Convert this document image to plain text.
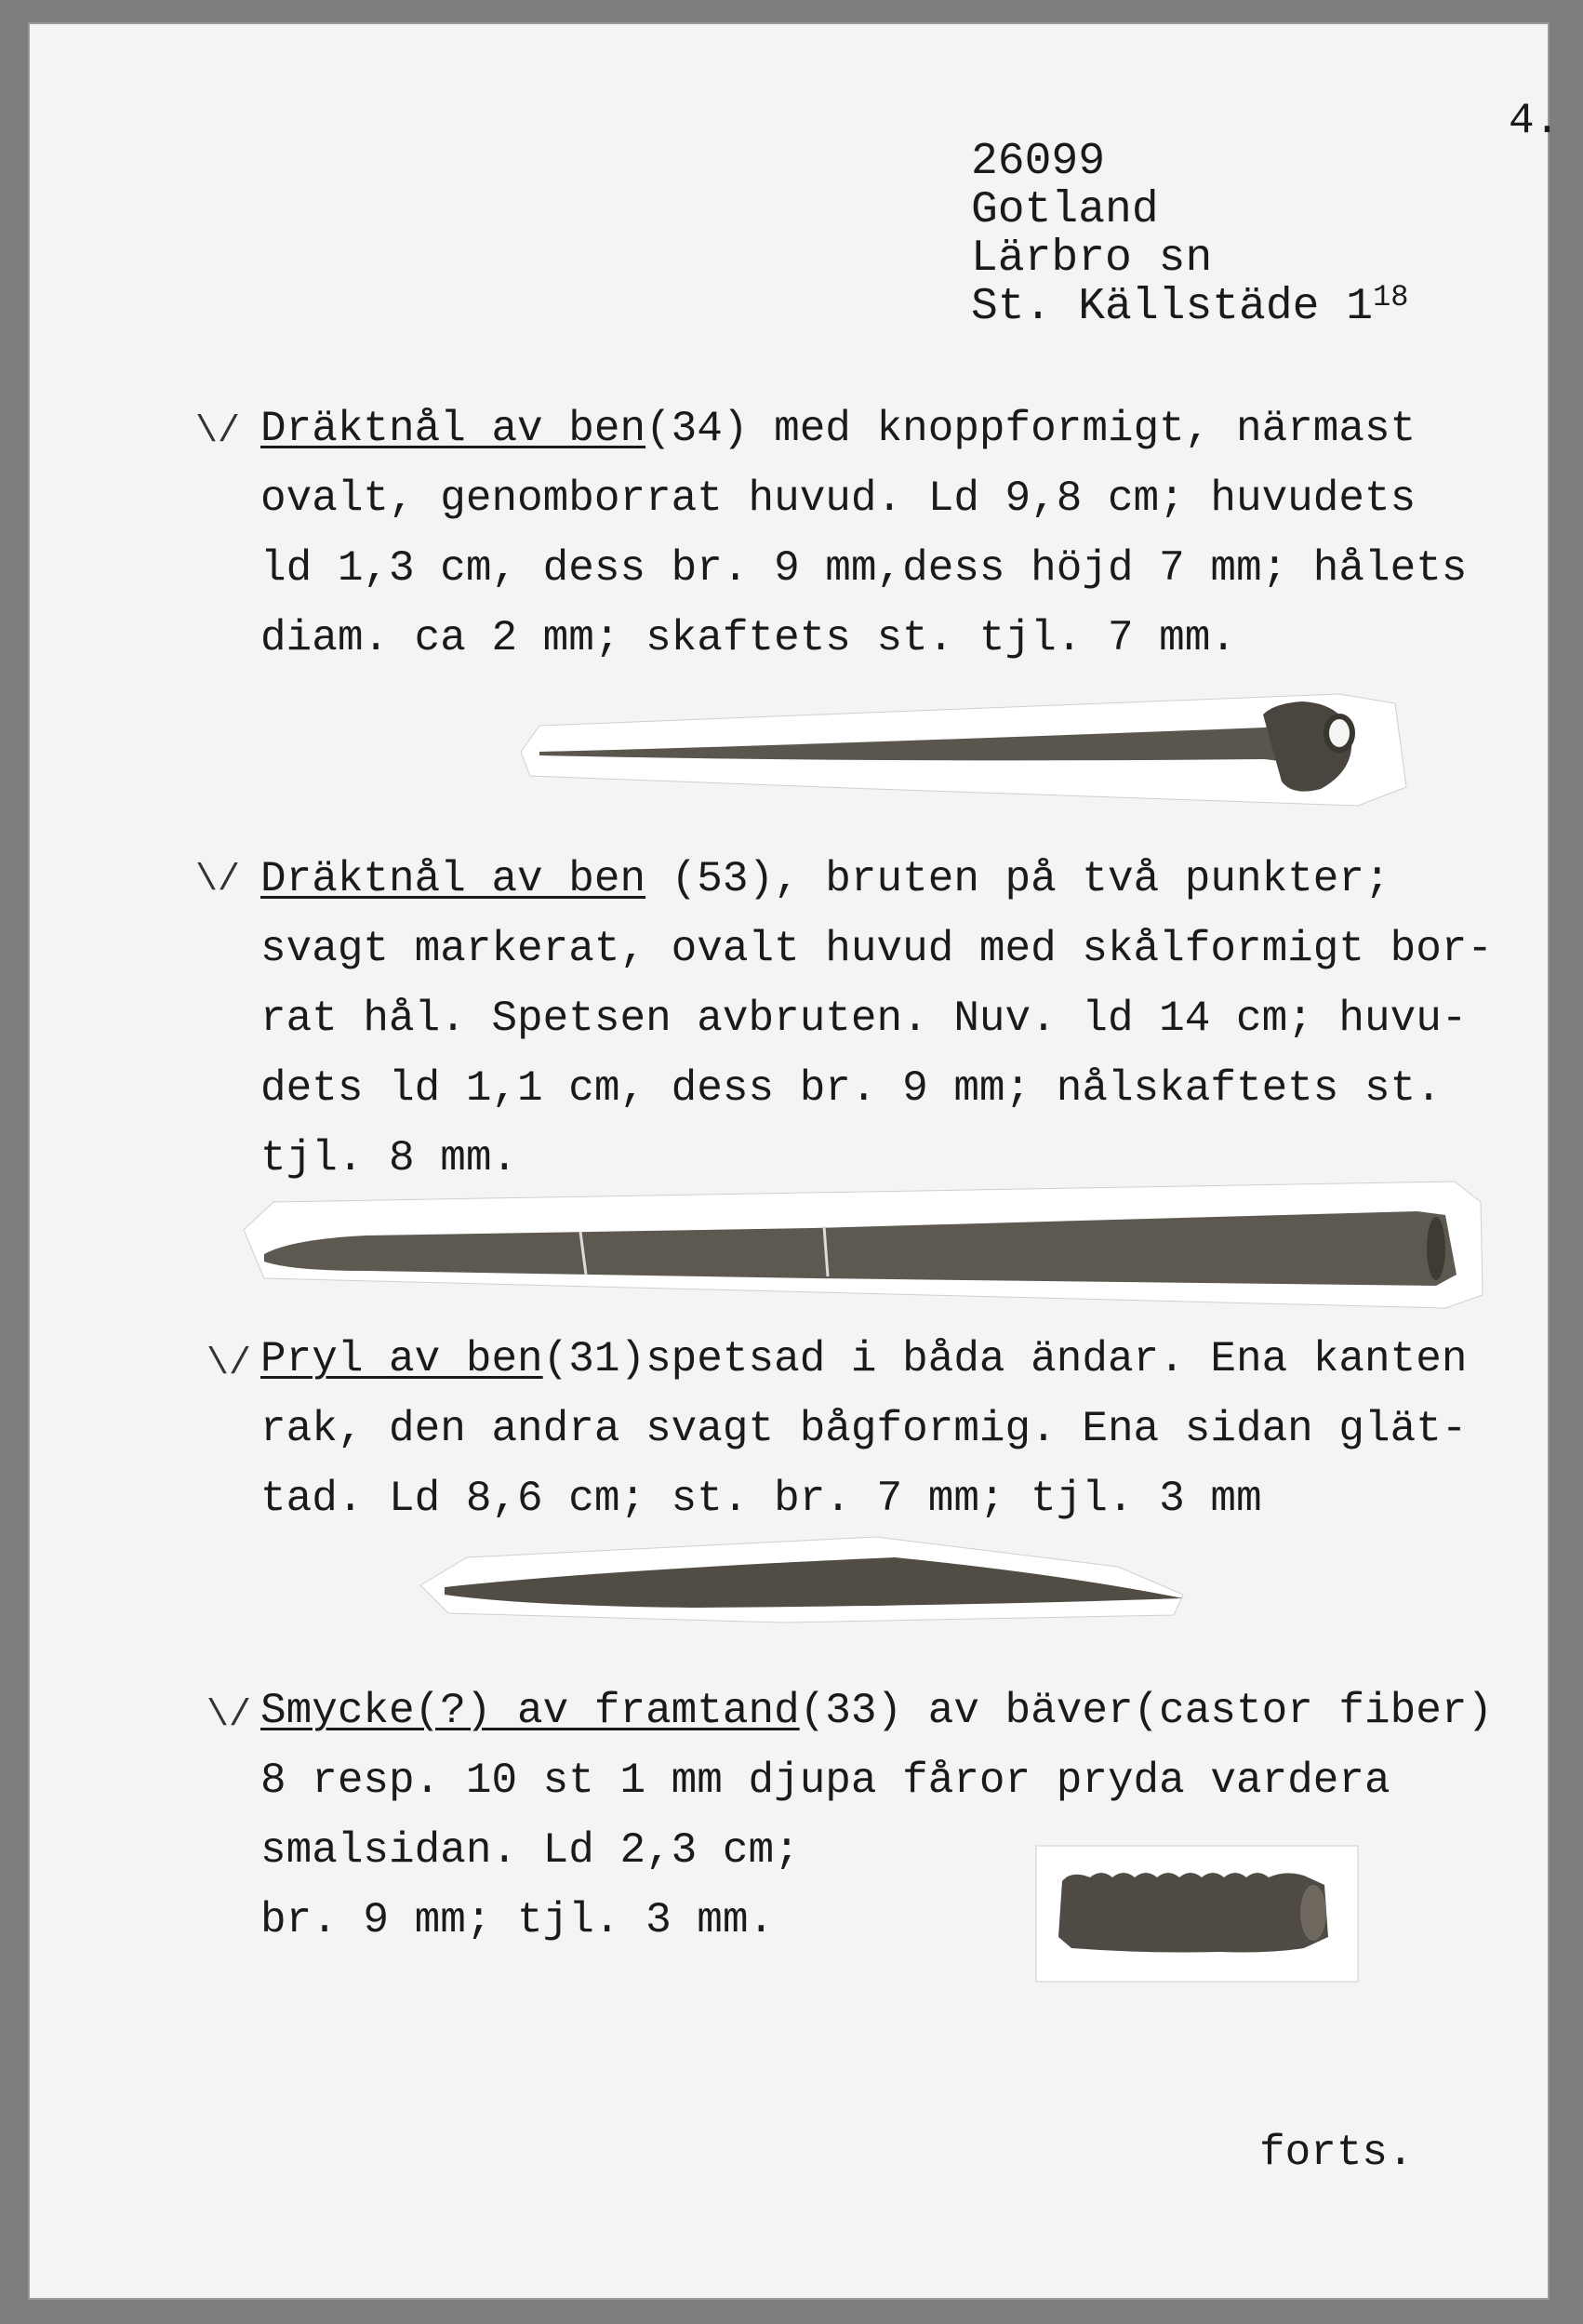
4.
26099
Gotland
Lärbro sn
St. Källstäde $1^{18}$
\/ Dräktnål av ben(34) med knoppformigt, närmast
ovalt, genomborrat huvud. Ld 9,8 cm; huvudets
ld 1,3 cm, dess br. 9 mm,dess höjd 7 mm; hålets
diam. ca 2 mm; skaftets st. tjl. 7 mm.
\/ Dräktnål av ben (53), bruten på två punkter;
svagt markerat, ovalt huvud med skålformigt bor-
rat hål. Spetsen avbruten. Nuv. ld 14 cm; huvu-
dets ld 1,1 cm, dess br. 9 mm; nålskaftets st.
tjl. 8 mm.
\/ Pryl av ben(31)spetsad i båda ändar. Ena kanten
rak, den andra svagt bågformig. Ena sidan glät-
tad. Ld 8,6 cm; st. br. 7 mm; tjl. 3 mm
\/ Smycke(?) av framtand(33) av bäver(castor fiber)
8 resp. 10 st 1 mm djupa fåror pryda vardera
smalsidan. Ld 2,3 cm;
br. 9 mm; tjl. 3 mm.
forts.
